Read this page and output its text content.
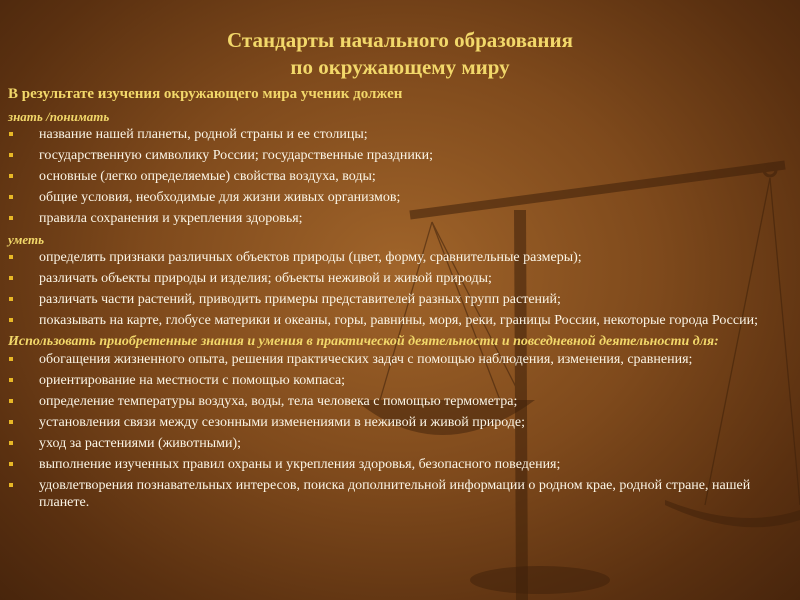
Стандарты начального образования
по окружающему миру
В результате изучения окружающего мира ученик должен
знать /понимать
название нашей планеты, родной страны и ее столицы;
государственную символику России; государственные праздники;
основные (легко определяемые) свойства воздуха, воды;
общие условия, необходимые для жизни живых организмов;
правила сохранения и укрепления здоровья;
уметь
определять признаки различных объектов природы (цвет, форму, сравнительные размеры);
различать объекты природы и изделия; объекты неживой и живой природы;
различать части растений, приводить примеры представителей разных групп растений;
показывать на карте, глобусе материки и океаны, горы, равнины, моря, реки, границы России, некоторые города России;
Использовать приобретенные знания и умения в практической деятельности и повседневной деятельности для:
обогащения жизненного опыта, решения практических задач с помощью наблюдения, изменения, сравнения;
ориентирование на местности с помощью компаса;
определение температуры воздуха, воды, тела человека с помощью термометра;
установления связи между сезонными изменениями в неживой и живой природе;
уход за растениями (животными);
выполнение изученных правил охраны и укрепления здоровья, безопасного поведения;
удовлетворения познавательных интересов, поиска дополнительной информации о родном крае, родной стране, нашей планете.
